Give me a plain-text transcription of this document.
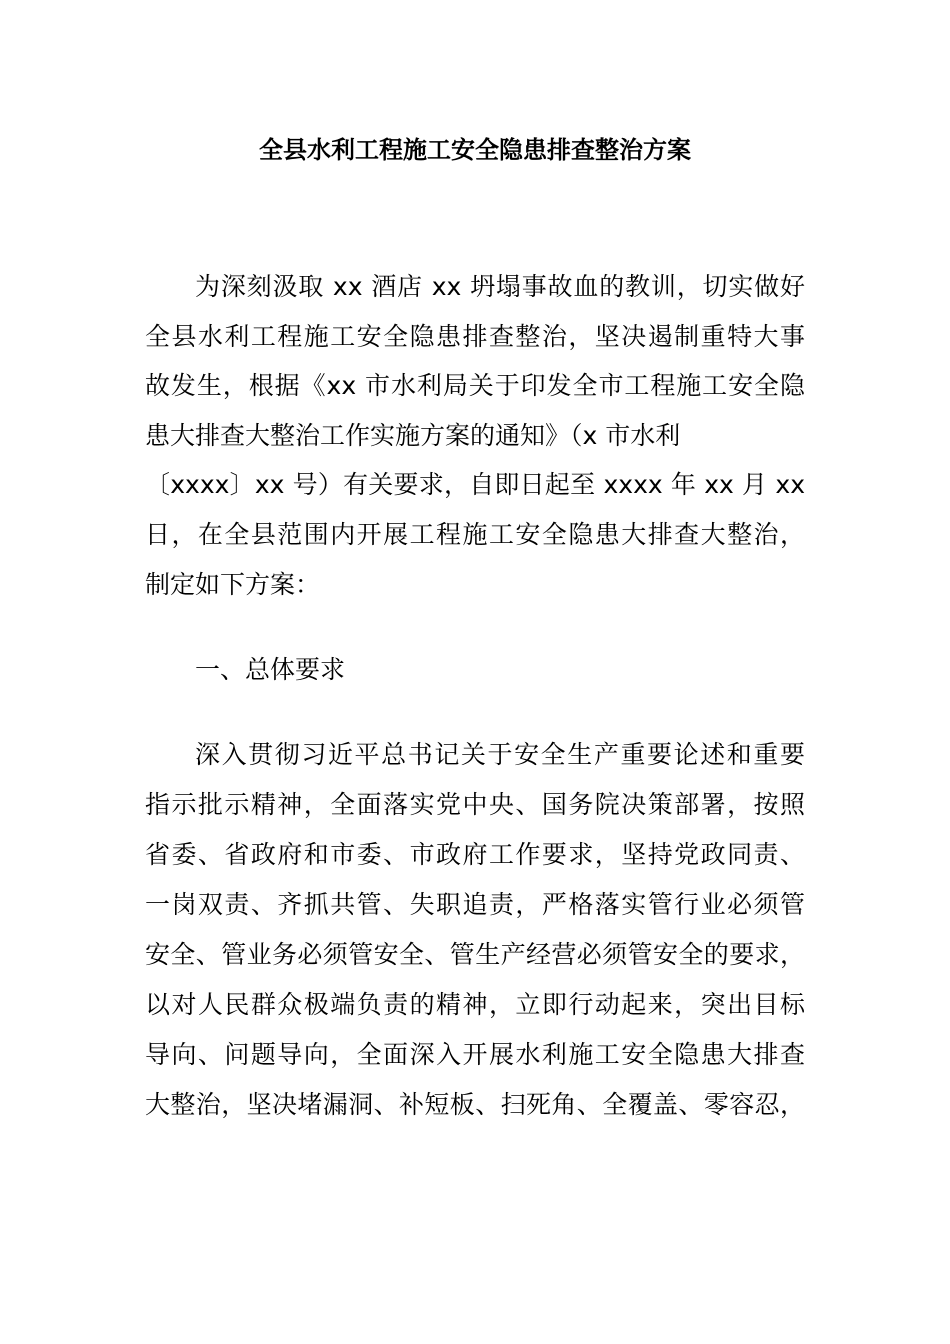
全县水利工程施工安全隐患排查整治方案
为深刻汲取 xx 酒店 xx 坍塌事故血的教训，切实做好
全县水利工程施工安全隐患排查整治，坚决遏制重特大事
故发生，根据《xx 市水利局关于印发全市工程施工安全隐
患大排查大整治工作实施方案的通知》（x 市水利
〔xxxx〕xx 号）有关要求，自即日起至 xxxx 年 xx 月 xx
日，在全县范围内开展工程施工安全隐患大排查大整治，
制定如下方案：
一、总体要求
深入贯彻习近平总书记关于安全生产重要论述和重要
指示批示精神，全面落实党中央、国务院决策部署，按照
省委、省政府和市委、市政府工作要求，坚持党政同责、
一岗双责、齐抓共管、失职追责，严格落实管行业必须管
安全、管业务必须管安全、管生产经营必须管安全的要求，
以对人民群众极端负责的精神，立即行动起来，突出目标
导向、问题导向，全面深入开展水利施工安全隐患大排查
大整治，坚决堵漏洞、补短板、扫死角、全覆盖、零容忍，
